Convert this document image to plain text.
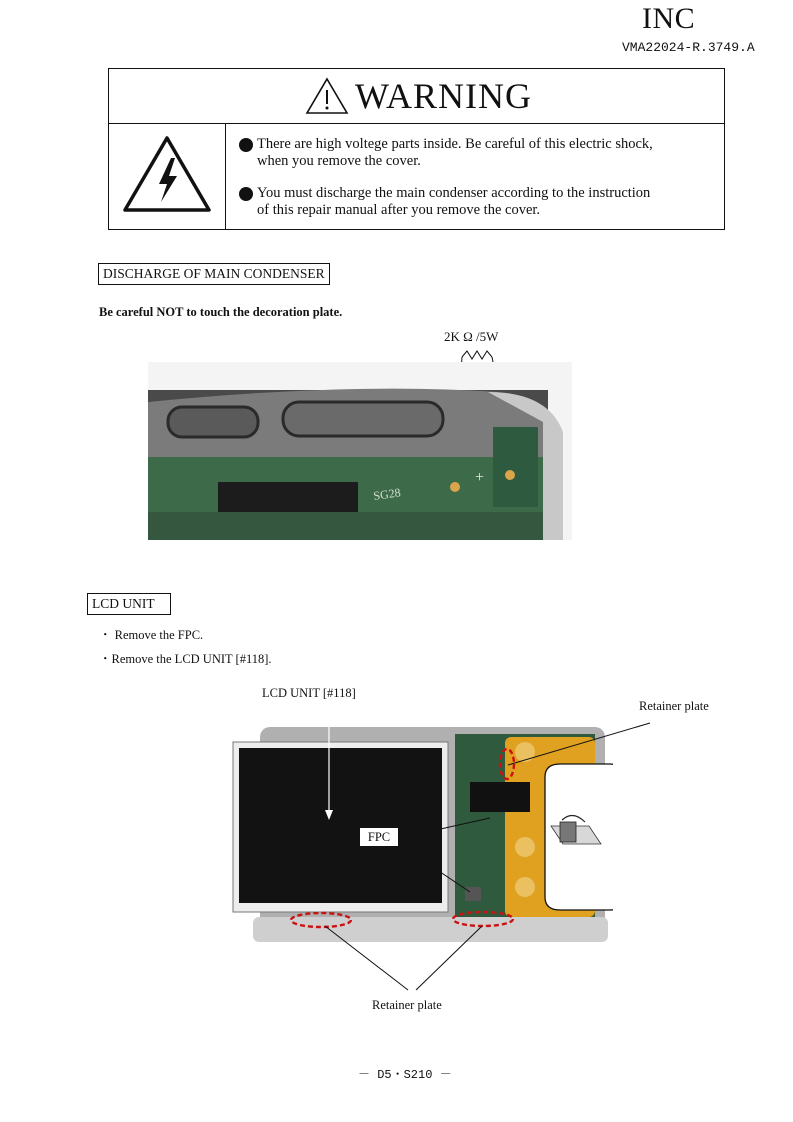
INC
VMA22024-R.3749.A
WARNING
There are high voltege parts inside. Be careful of this electric shock,
when you remove the cover.
You must discharge the main condenser according to the instruction
of this repair manual after you remove the cover.
DISCHARGE OF MAIN CONDENSER
Be careful NOT to touch the decoration plate.
2K Ω /5W
SG28
+
LCD UNIT
・ Remove the FPC.
・Remove the LCD UNIT [#118].
LCD UNIT [#118]
Retainer plate
Retainer plate
FPC
－ D5・S210 －
